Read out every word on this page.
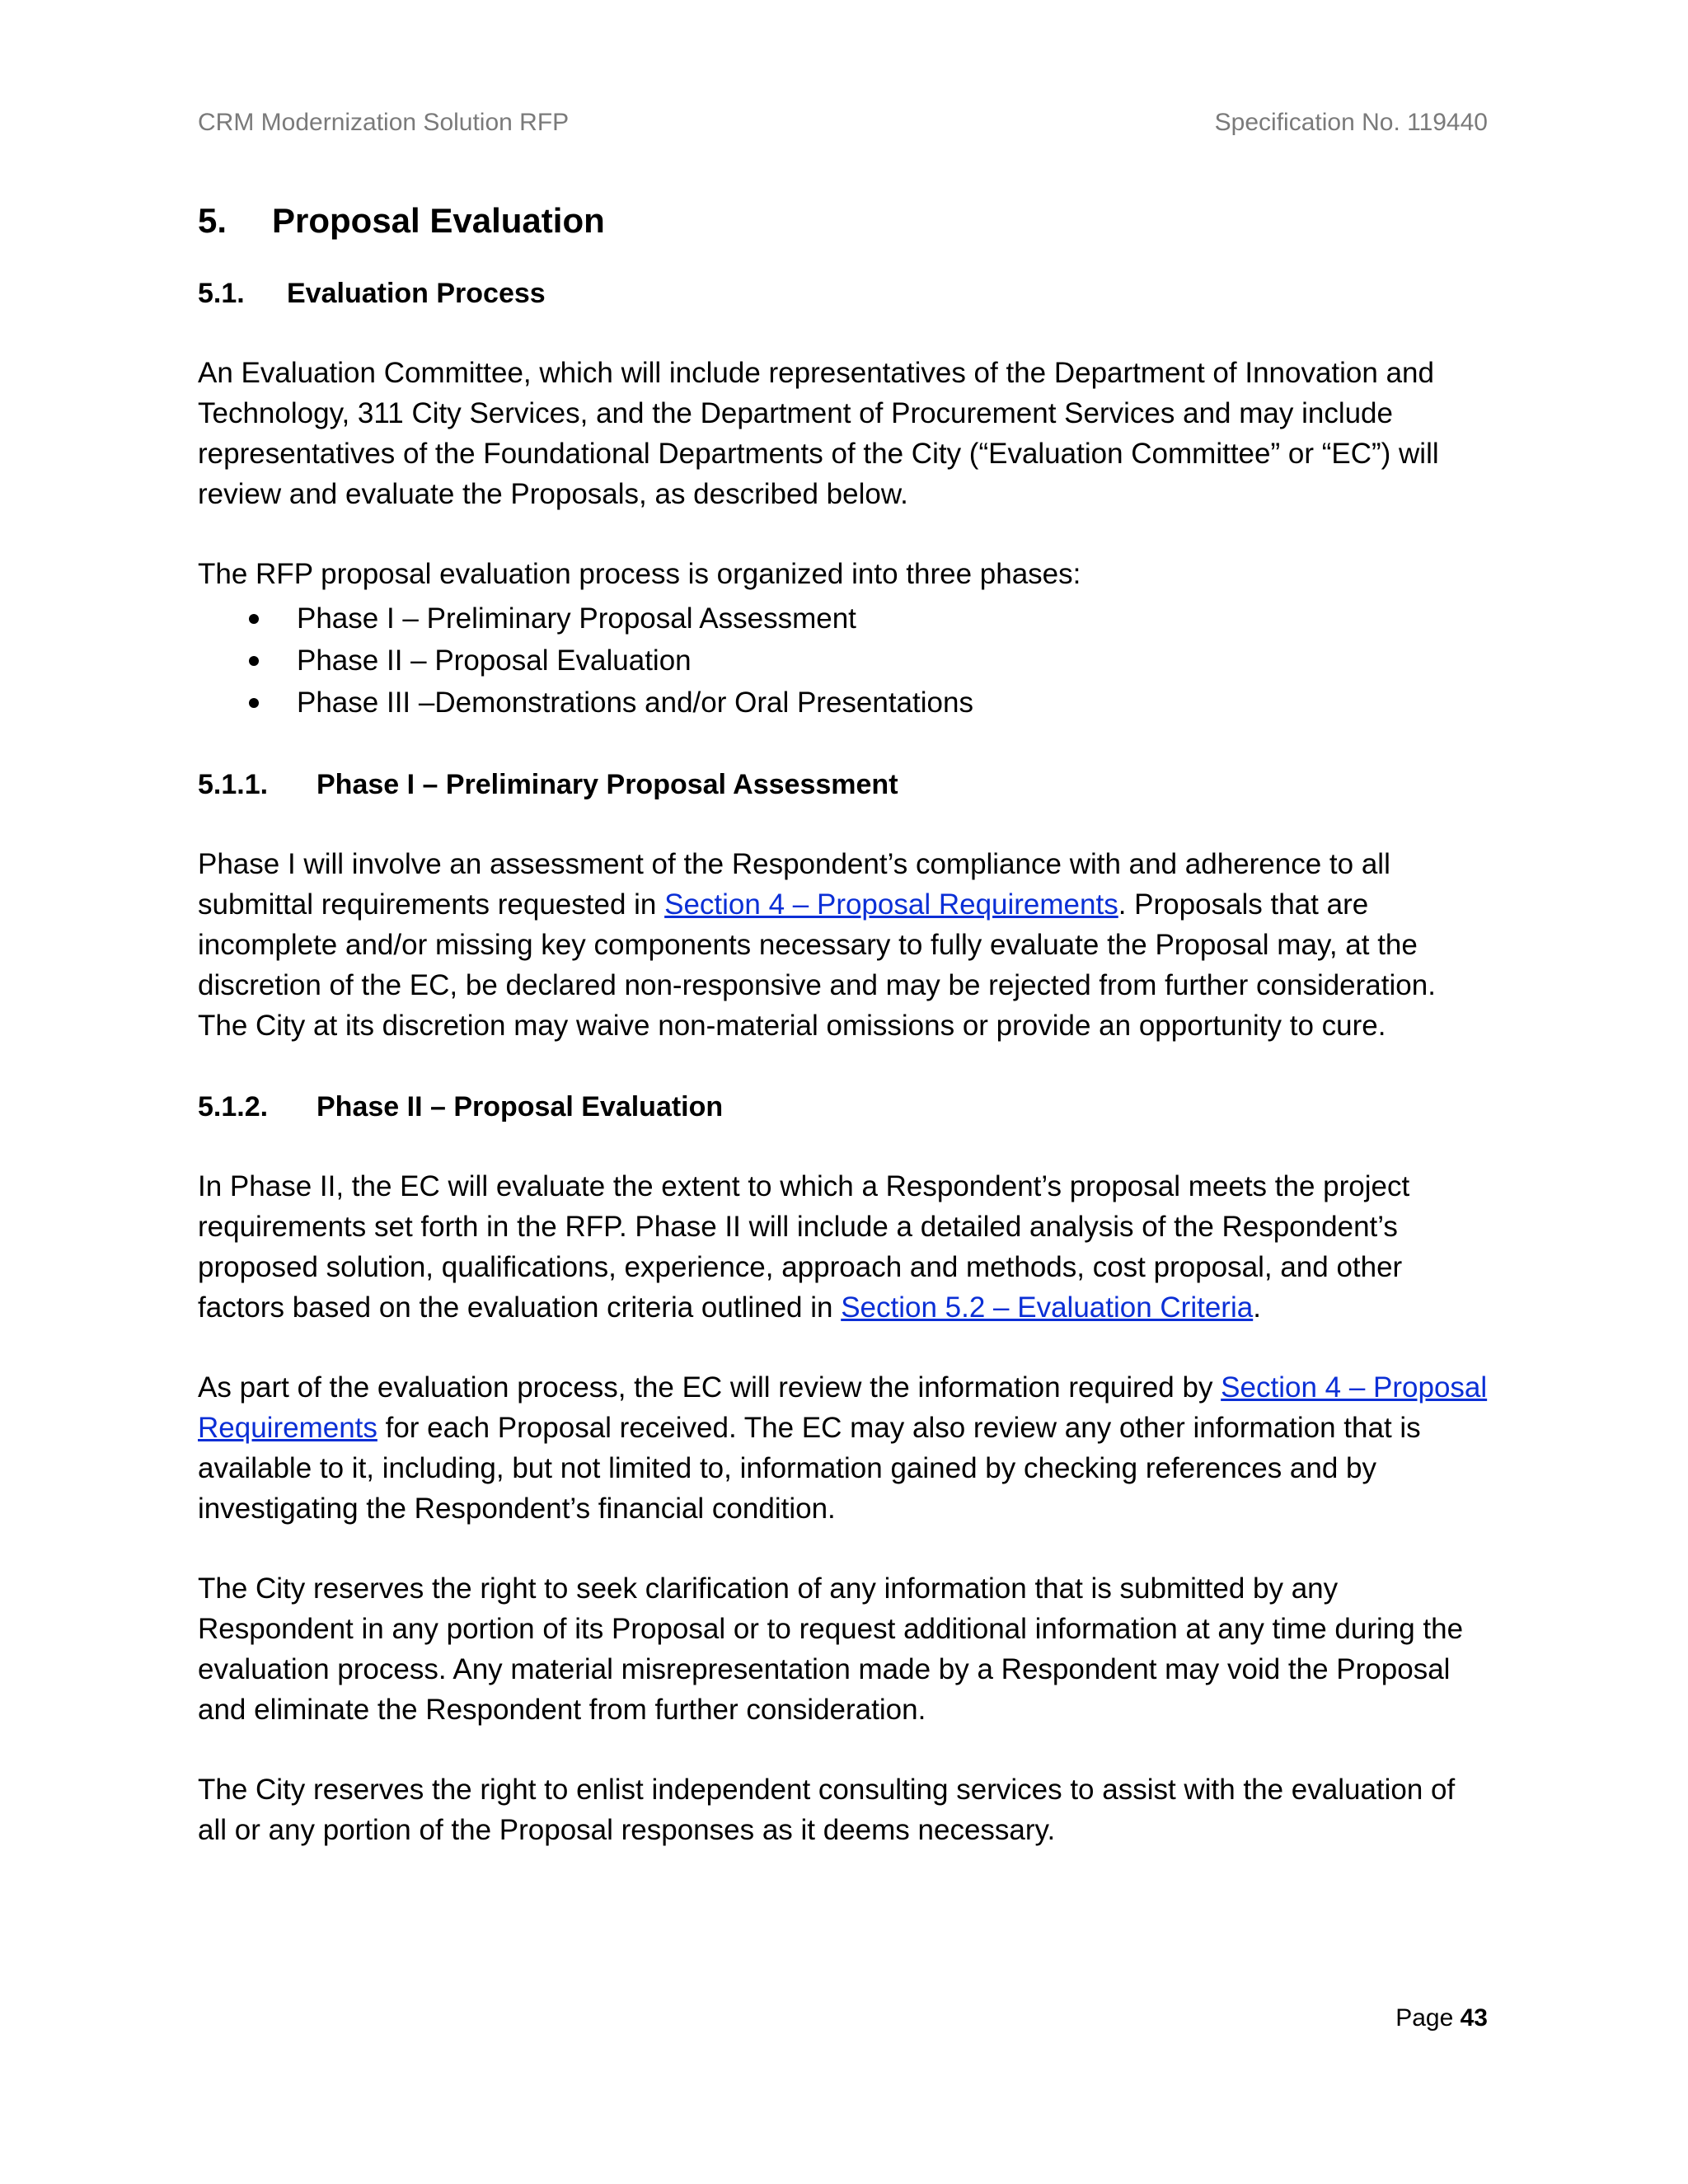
CRM Modernization Solution RFP	Specification No. 119440
5.	Proposal Evaluation
5.1.	Evaluation Process

An Evaluation Committee, which will include representatives of the Department of Innovation and Technology, 311 City Services, and the Department of Procurement Services and may include representatives of the Foundational Departments of the City (“Evaluation Committee” or “EC”) will review and evaluate the Proposals, as described below.

The RFP proposal evaluation process is organized into three phases:

Phase I – Preliminary Proposal Assessment
Phase II – Proposal Evaluation
Phase III –Demonstrations and/or Oral Presentations
5.1.1.	Phase I – Preliminary Proposal Assessment

Phase I will involve an assessment of the Respondent’s compliance with and adherence to all submittal requirements requested in Section 4 – Proposal Requirements. Proposals that are incomplete and/or missing key components necessary to fully evaluate the Proposal may, at the discretion of the EC, be declared non-responsive and may be rejected from further consideration. The City at its discretion may waive non-material omissions or provide an opportunity to cure.

5.1.2.	Phase II – Proposal Evaluation

In Phase II, the EC will evaluate the extent to which a Respondent’s proposal meets the project requirements set forth in the RFP. Phase II will include a detailed analysis of the Respondent’s proposed solution, qualifications, experience, approach and methods, cost proposal, and other factors based on the evaluation criteria outlined in Section 5.2 – Evaluation Criteria.

As part of the evaluation process, the EC will review the information required by Section 4 – Proposal Requirements for each Proposal received. The EC may also review any other information that is available to it, including, but not limited to, information gained by checking references and by investigating the Respondent’s financial condition.

The City reserves the right to seek clarification of any information that is submitted by any Respondent in any portion of its Proposal or to request additional information at any time during the evaluation process. Any material misrepresentation made by a Respondent may void the Proposal and eliminate the Respondent from further consideration.

The City reserves the right to enlist independent consulting services to assist with the evaluation of all or any portion of the Proposal responses as it deems necessary.

Page 43
